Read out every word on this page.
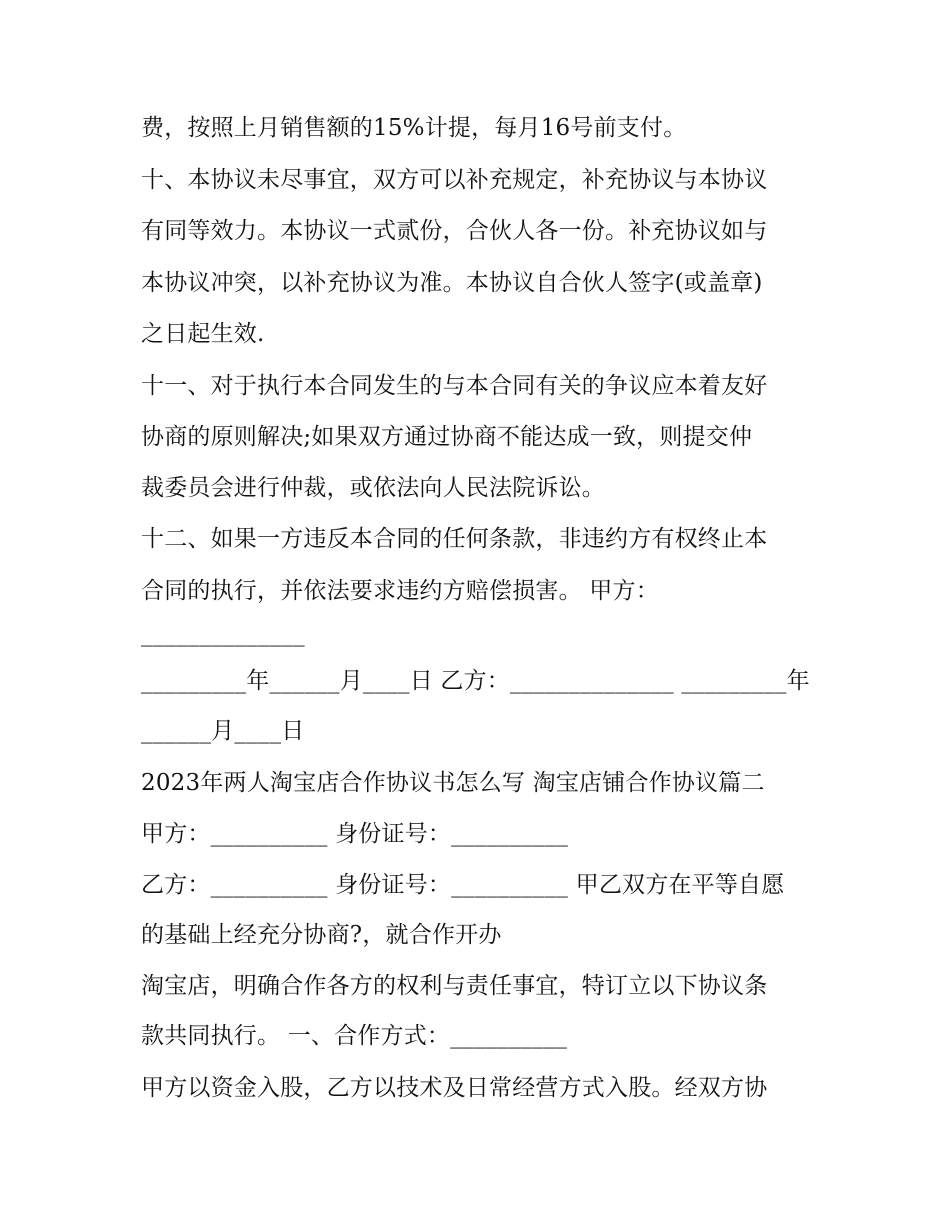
费，按照上月销售额的15%计提，每月16号前支付。
十、本协议未尽事宜，双方可以补充规定，补充协议与本协议
有同等效力。本协议一式贰份，合伙人各一份。补充协议如与
本协议冲突，以补充协议为准。本协议自合伙人签字(或盖章)
之日起生效.
十一、对于执行本合同发生的与本合同有关的争议应本着友好
协商的原则解决;如果双方通过协商不能达成一致，则提交仲
裁委员会进行仲裁，或依法向人民法院诉讼。
十二、如果一方违反本合同的任何条款，非违约方有权终止本
合同的执行，并依法要求违约方赔偿损害。 甲方：
______________
_________年______月____日 乙方：______________ _________年
______月____日
2023年两人淘宝店合作协议书怎么写 淘宝店铺合作协议篇二
甲方：__________ 身份证号：__________
乙方：__________ 身份证号：__________ 甲乙双方在平等自愿
的基础上经充分协商?，就合作开办
淘宝店，明确合作各方的权利与责任事宜，特订立以下协议条
款共同执行。 一、合作方式：__________
甲方以资金入股，乙方以技术及日常经营方式入股。经双方协
